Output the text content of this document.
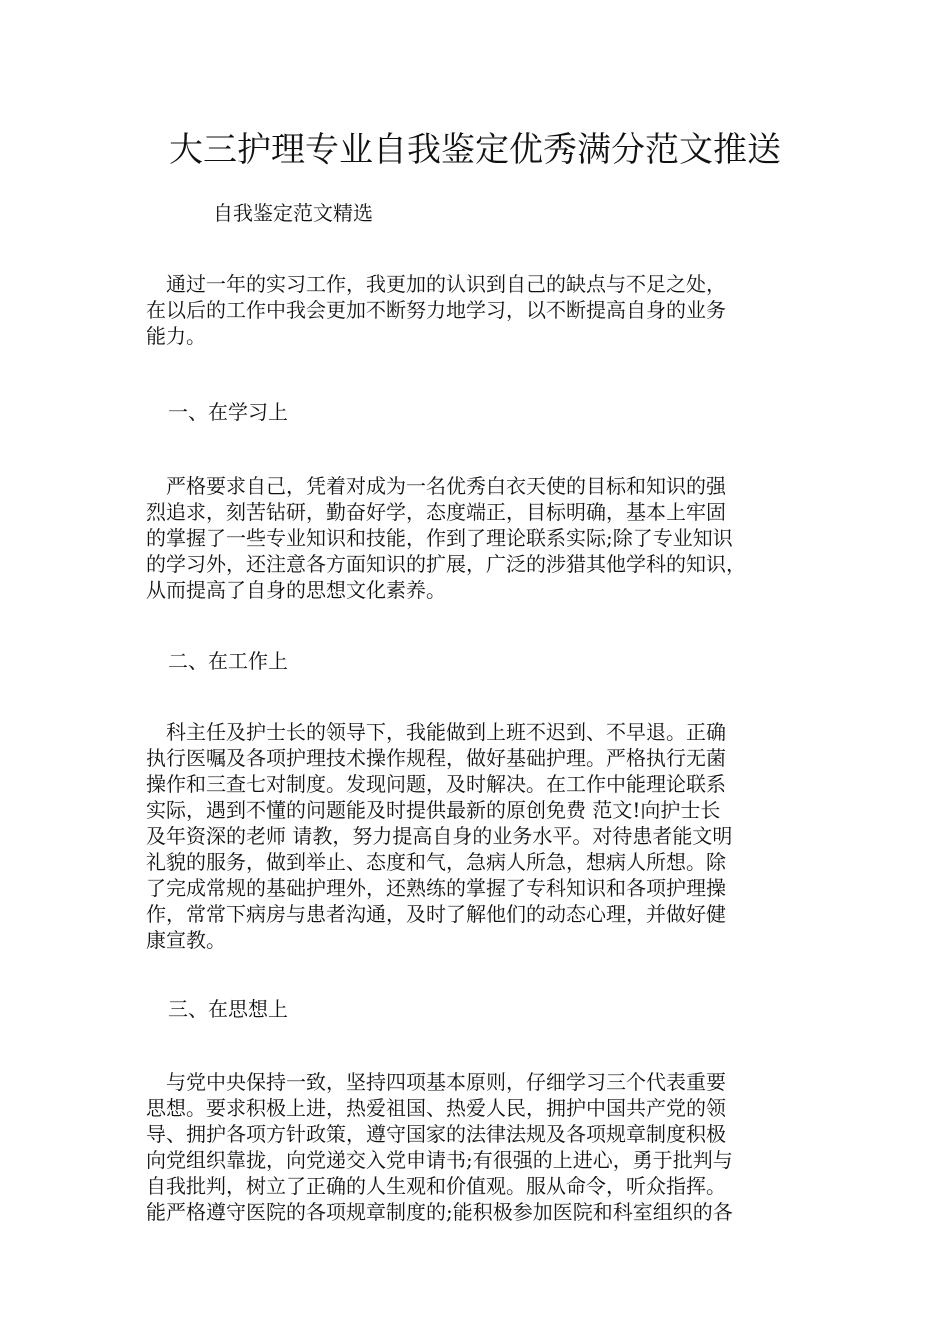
大三护理专业自我鉴定优秀满分范文推送
自我鉴定范文精选
　通过一年的实习工作，我更加的认识到自己的缺点与不足之处，
在以后的工作中我会更加不断努力地学习，以不断提高自身的业务
能力。
一、在学习上
　严格要求自己，凭着对成为一名优秀白衣天使的目标和知识的强
烈追求，刻苦钻研，勤奋好学，态度端正，目标明确，基本上牢固
的掌握了一些专业知识和技能，作到了理论联系实际;除了专业知识
的学习外，还注意各方面知识的扩展，广泛的涉猎其他学科的知识，
从而提高了自身的思想文化素养。
二、在工作上
　科主任及护士长的领导下，我能做到上班不迟到、不早退。正确
执行医嘱及各项护理技术操作规程，做好基础护理。严格执行无菌
操作和三查七对制度。发现问题，及时解决。在工作中能理论联系
实际，遇到不懂的问题能及时提供最新的原创免费 范文!向护士长
及年资深的老师 请教，努力提高自身的业务水平。对待患者能文明
礼貌的服务，做到举止、态度和气，急病人所急，想病人所想。除
了完成常规的基础护理外，还熟练的掌握了专科知识和各项护理操
作，常常下病房与患者沟通，及时了解他们的动态心理，并做好健
康宣教。
三、在思想上
　与党中央保持一致，坚持四项基本原则，仔细学习三个代表重要
思想。要求积极上进，热爱祖国、热爱人民，拥护中国共产党的领
导、拥护各项方针政策，遵守国家的法律法规及各项规章制度积极
向党组织靠拢，向党递交入党申请书;有很强的上进心，勇于批判与
自我批判，树立了正确的人生观和价值观。服从命令，听众指挥。
能严格遵守医院的各项规章制度的;能积极参加医院和科室组织的各
